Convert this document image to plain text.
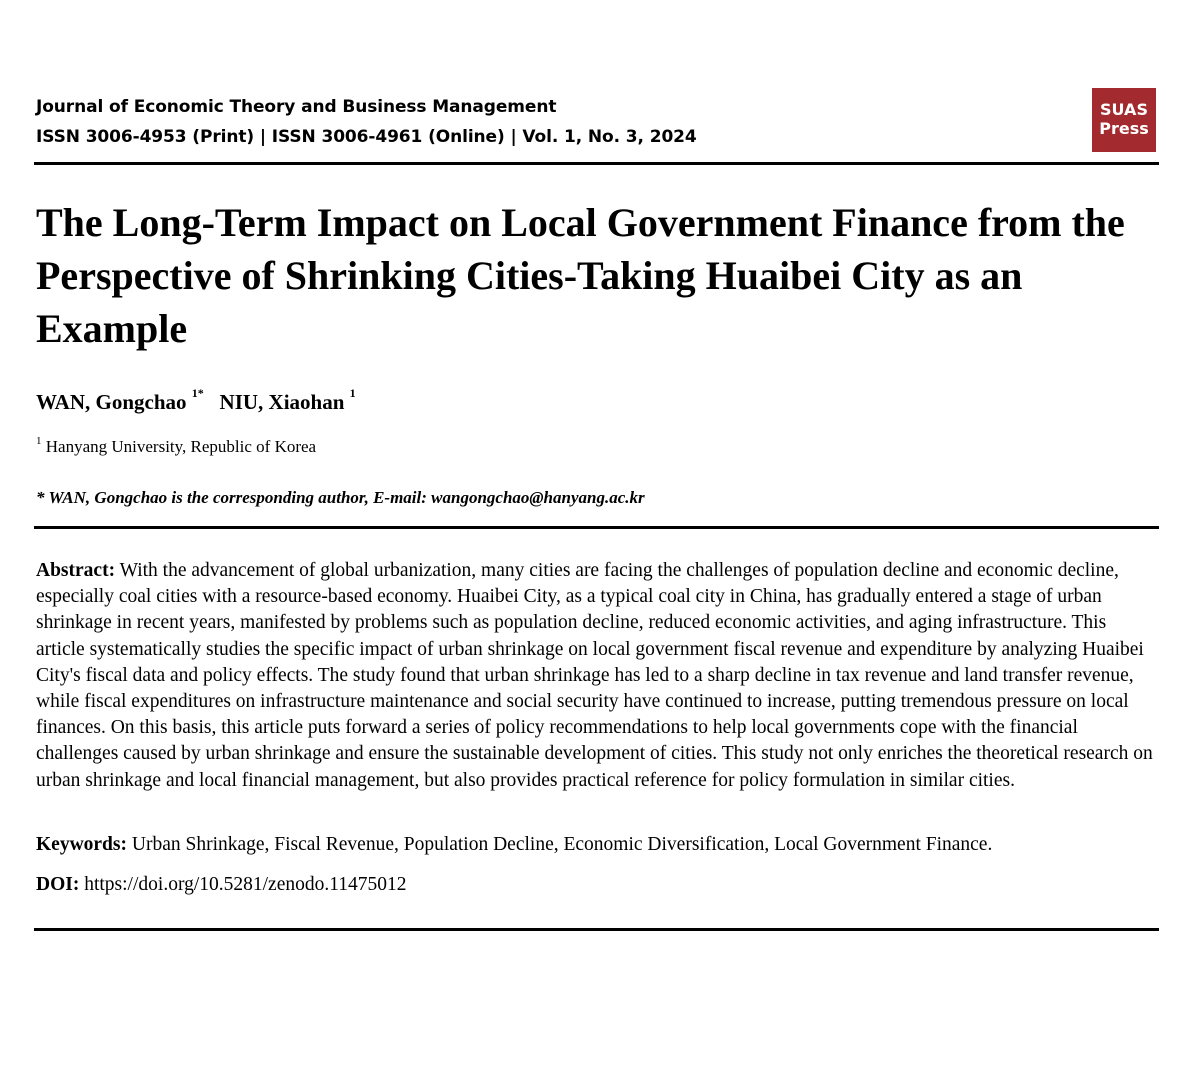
Journal of Economic Theory and Business Management
ISSN 3006-4953 (Print) | ISSN 3006-4961 (Online) | Vol. 1, No. 3, 2024
SUAS
Press
The Long-Term Impact on Local Government Finance from the Perspective of Shrinking Cities-Taking Huaibei City as an Example
WAN, Gongchao $^{1*}$ NIU, Xiaohan $^1$
$^1$ Hanyang University, Republic of Korea
* WAN, Gongchao is the corresponding author, E-mail: wangongchao@hanyang.ac.kr

Abstract: With the advancement of global urbanization, many cities are facing the challenges of population decline and economic decline, especially coal cities with a resource-based economy. Huaibei City, as a typical coal city in China, has gradually entered a stage of urban shrinkage in recent years, manifested by problems such as population decline, reduced economic activities, and aging infrastructure. This article systematically studies the specific impact of urban shrinkage on local government fiscal revenue and expenditure by analyzing Huaibei City's fiscal data and policy effects. The study found that urban shrinkage has led to a sharp decline in tax revenue and land transfer revenue, while fiscal expenditures on infrastructure maintenance and social security have continued to increase, putting tremendous pressure on local finances. On this basis, this article puts forward a series of policy recommendations to help local governments cope with the financial challenges caused by urban shrinkage and ensure the sustainable development of cities. This study not only enriches the theoretical research on urban shrinkage and local financial management, but also provides practical reference for policy formulation in similar cities.

Keywords: Urban Shrinkage, Fiscal Revenue, Population Decline, Economic Diversification, Local Government Finance.
DOI: https://doi.org/10.5281/zenodo.11475012
